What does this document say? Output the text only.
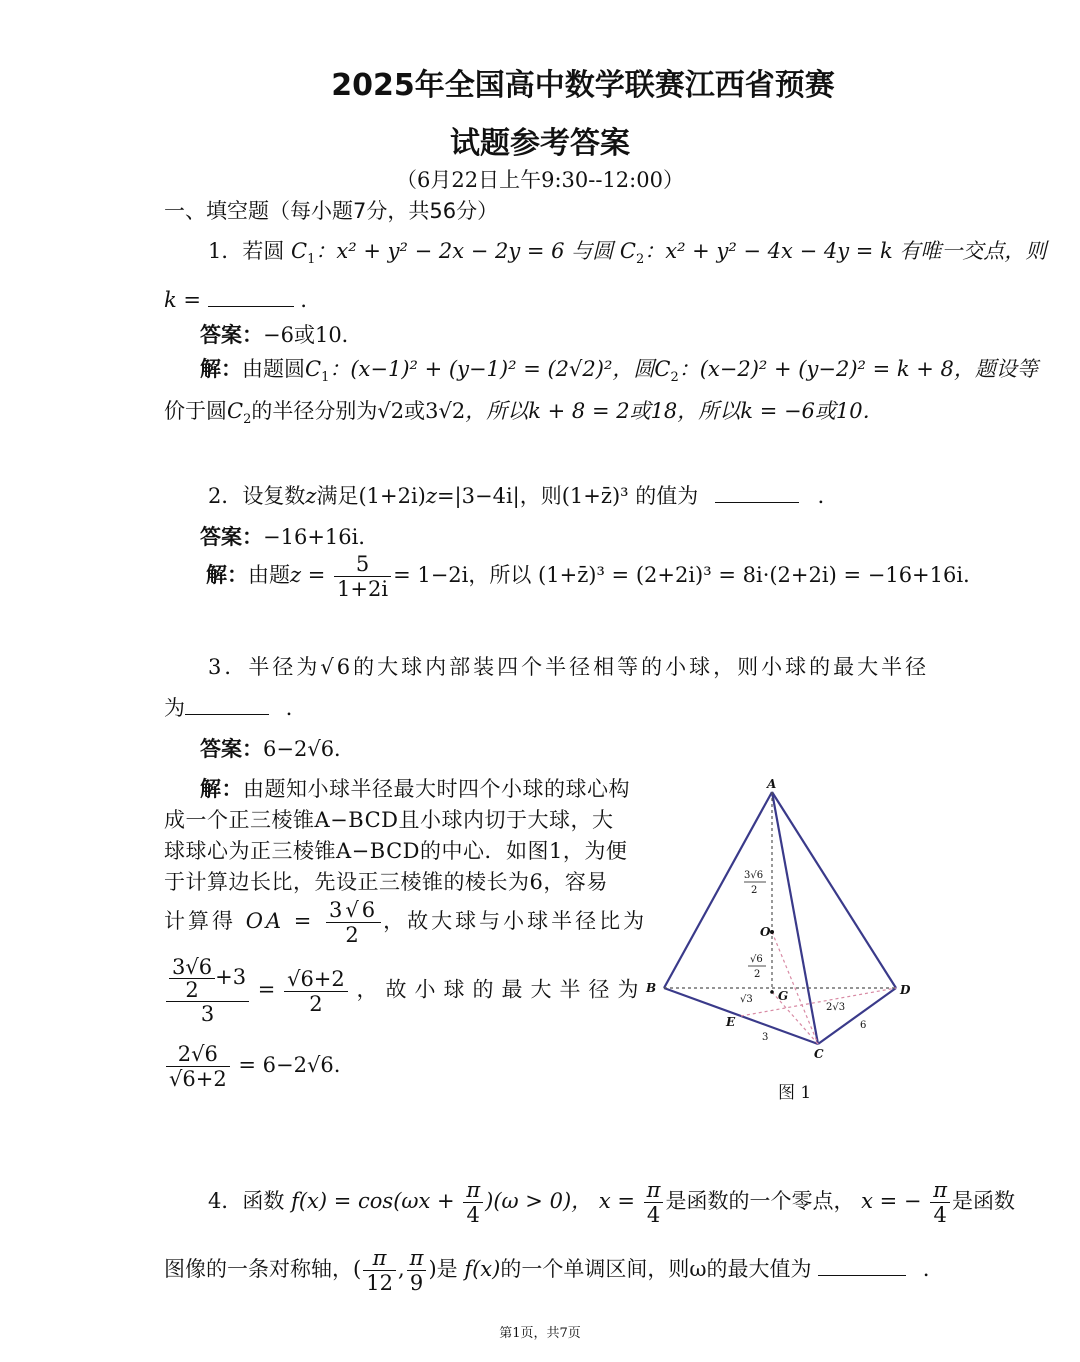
2025年全国高中数学联赛江西省预赛
试题参考答案
（6月22日上午9:30--12:00）
一、填空题（每小题7分，共56分）
1．若圆 $C_1$：x² + y² − 2x − 2y = 6 与圆 $C_2$：x² + y² − 4x − 4y = k 有唯一交点，则
k =	．
答案：−6或10．
解：由题圆$C_1$：(x−1)² + (y−1)² = (2√2)²，圆$C_2$：(x−2)² + (y−2)² = k + 8，题设等
价于圆$C_2$的半径分别为√2或3√2，所以k + 8 = 2或18，所以k = −6或10．
2．设复数z满足(1+2i)z=|3−4i|，则(1+z̄)³ 的值为	．
答案：−16+16i．
解：由题$z = \frac{5}{1+2i} = 1-2i$，所以 (1+z̄)³ = (2+2i)³ = 8i·(2+2i) = −16+16i．
3．半径为√6的大球内部装四个半径相等的小球，则小球的最大半径
为	．
答案：6−2√6．
解：由题知小球半径最大时四个小球的球心构成一个正三棱锥A−BCD且小球内切于大球，大球球心为正三棱锥A−BCD的中心．如图1，为便于计算边长比，先设正三棱锥的棱长为6，容易
计算得 OA = $\frac{3√6}{2}$ ，故大球与小球半径比为
$\frac{\frac{3√6}{2} +3}{3} = \frac{√6+2}{2}$ ，故小球的最大半径为
$\frac{2√6}{√6+2} = 6-2√6$.
A
B
C
D
E
G
O
3√6
2
√6
2
√3
2√3
3
6
图 1
4．函数 $f(x) = \cos(\omega x + \frac{\pi}{4} )(\omega > 0)$， $x = \frac{\pi}{4}$ 是函数的一个零点， x = − $\frac{\pi}{4}$ 是函数
图像的一条对称轴，( $\frac{\pi}{12}$ , $\frac{\pi}{9}$ )是 f(x)的一个单调区间，则ω的最大值为	．
第1页，共7页
